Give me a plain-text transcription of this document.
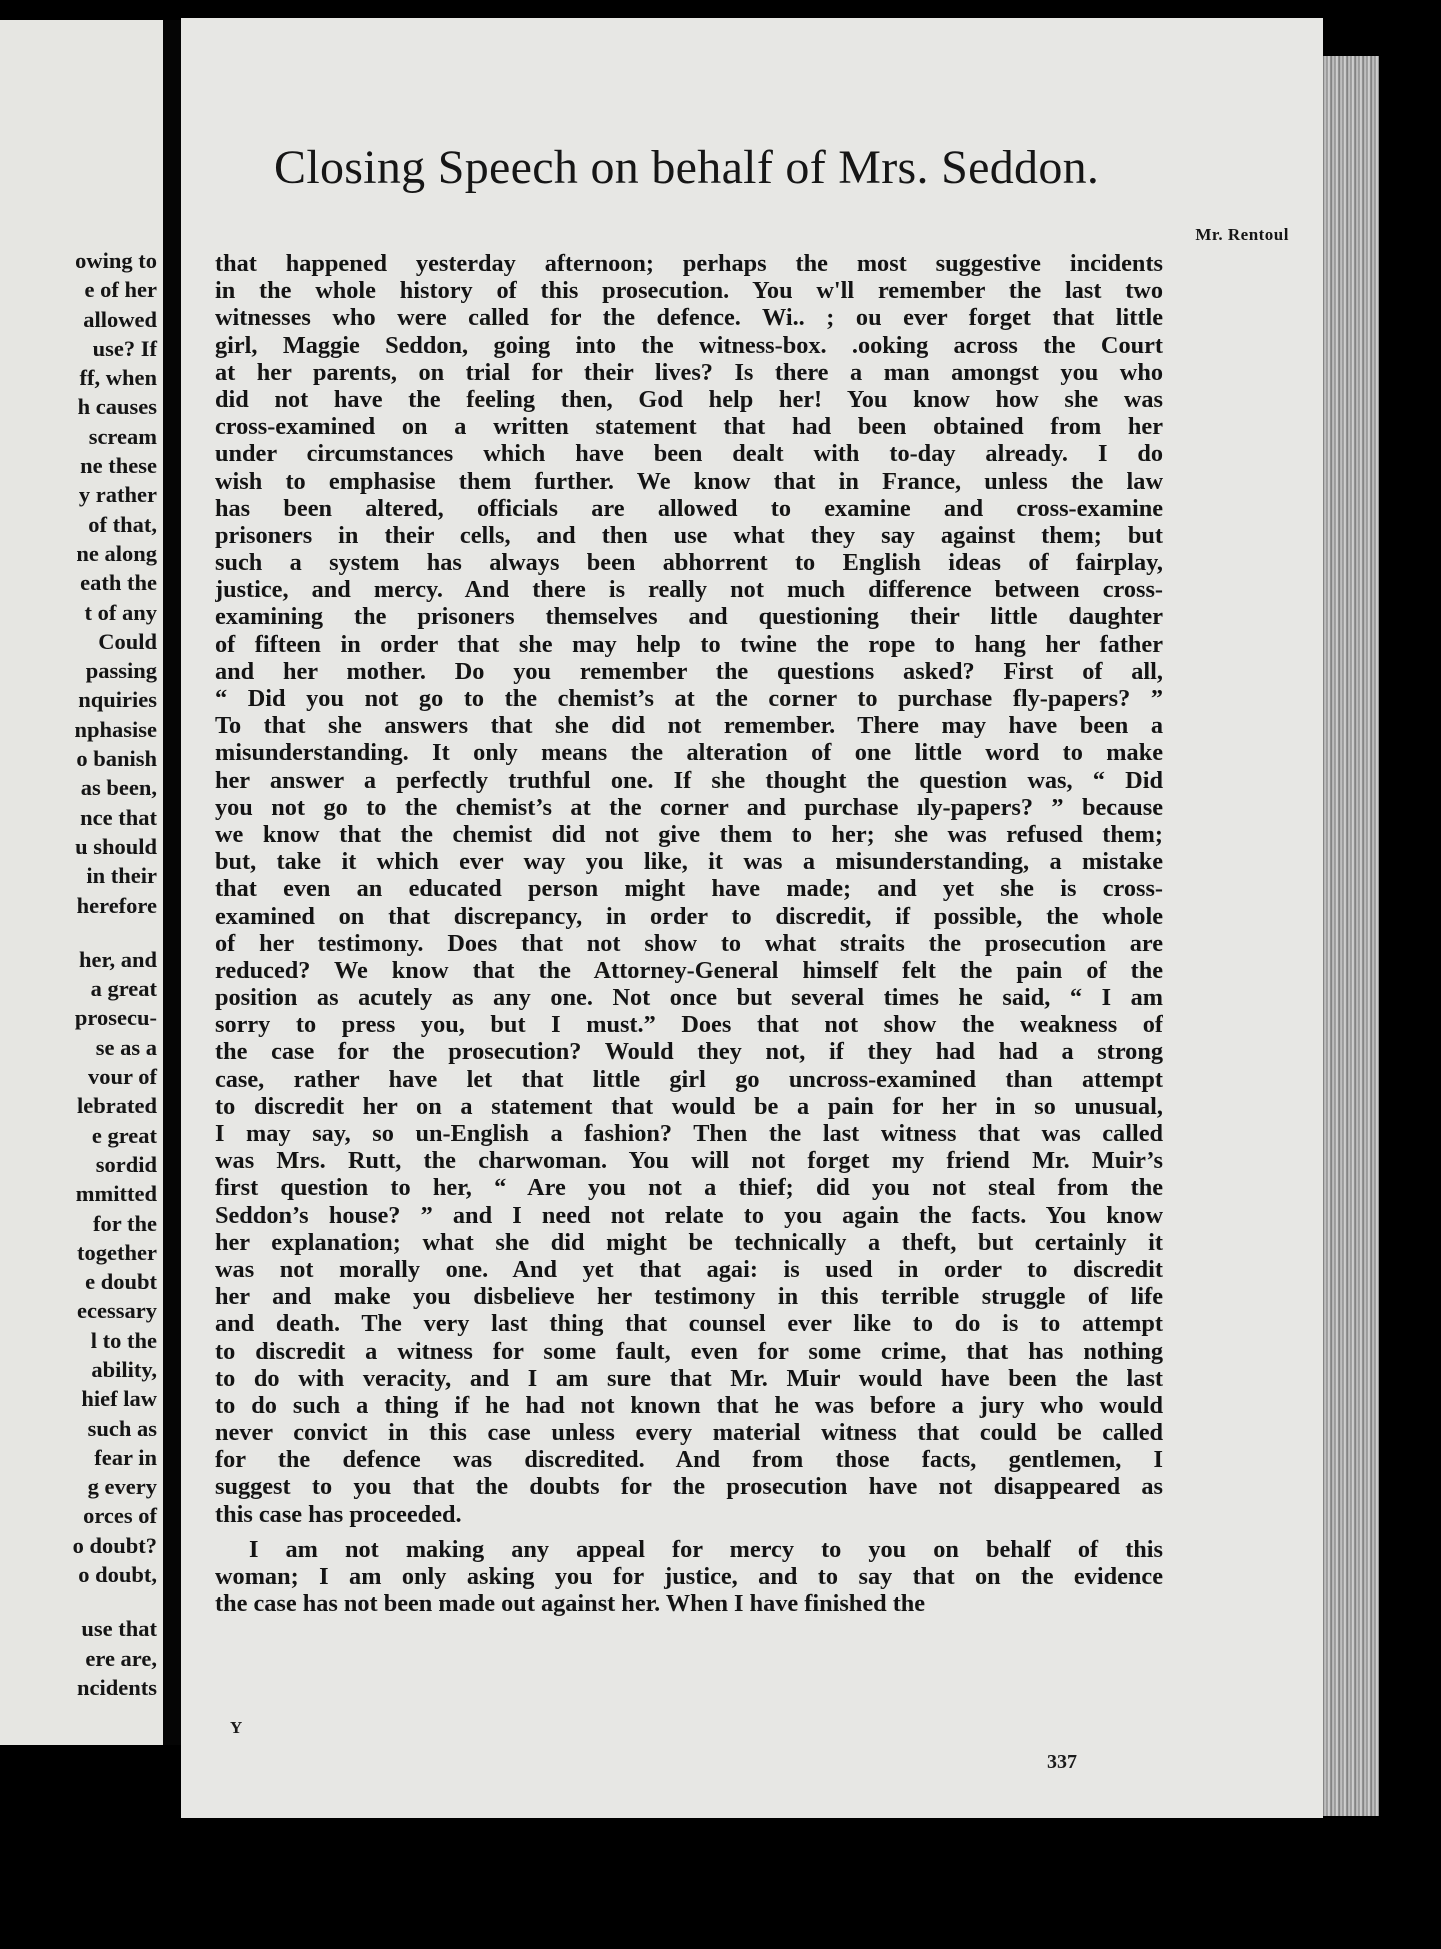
owing to
e of her
allowed
use? If
ff, when
h causes
scream
ne these
y rather
of that,
ne along
eath the
t of any
Could
passing
nquiries
nphasise
o banish
as been,
nce that
u should
in their
herefore
her, and
a great
prosecu-
se as a
vour of
lebrated
e great
sordid
mmitted
for the
together
e doubt
ecessary
l to the
ability,
hief law
such as
fear in
g every
orces of
o doubt?
o doubt,
use that
ere are,
ncidents
Closing Speech on behalf of Mrs. Seddon.
Mr. Rentoul
that happened yesterday afternoon; perhaps the most suggestive incidents
in the whole history of this prosecution. You w'll remember the last two
witnesses who were called for the defence. Wi.. ; ou ever forget that little
girl, Maggie Seddon, going into the witness-box. .ooking across the Court
at her parents, on trial for their lives? Is there a man amongst you who
did not have the feeling then, God help her! You know how she was
cross-examined on a written statement that had been obtained from her
under circumstances which have been dealt with to-day already. I do
wish to emphasise them further. We know that in France, unless the law
has been altered, officials are allowed to examine and cross-examine
prisoners in their cells, and then use what they say against them; but
such a system has always been abhorrent to English ideas of fairplay,
justice, and mercy. And there is really not much difference between cross-
examining the prisoners themselves and questioning their little daughter
of fifteen in order that she may help to twine the rope to hang her father
and her mother. Do you remember the questions asked? First of all,
“ Did you not go to the chemist’s at the corner to purchase fly-papers? ”
To that she answers that she did not remember. There may have been a
misunderstanding. It only means the alteration of one little word to make
her answer a perfectly truthful one. If she thought the question was, “ Did
you not go to the chemist’s at the corner and purchase ıly-papers? ” because
we know that the chemist did not give them to her; she was refused them;
but, take it which ever way you like, it was a misunderstanding, a mistake
that even an educated person might have made; and yet she is cross-
examined on that discrepancy, in order to discredit, if possible, the whole
of her testimony. Does that not show to what straits the prosecution are
reduced? We know that the Attorney-General himself felt the pain of the
position as acutely as any one. Not once but several times he said, “ I am
sorry to press you, but I must.” Does that not show the weakness of
the case for the prosecution? Would they not, if they had had a strong
case, rather have let that little girl go uncross-examined than attempt
to discredit her on a statement that would be a pain for her in so unusual,
I may say, so un-English a fashion? Then the last witness that was called
was Mrs. Rutt, the charwoman. You will not forget my friend Mr. Muir’s
first question to her, “ Are you not a thief; did you not steal from the
Seddon’s house? ” and I need not relate to you again the facts. You know
her explanation; what she did might be technically a theft, but certainly it
was not morally one. And yet that agai: is used in order to discredit
her and make you disbelieve her testimony in this terrible struggle of life
and death. The very last thing that counsel ever like to do is to attempt
to discredit a witness for some fault, even for some crime, that has nothing
to do with veracity, and I am sure that Mr. Muir would have been the last
to do such a thing if he had not known that he was before a jury who would
never convict in this case unless every material witness that could be called
for the defence was discredited. And from those facts, gentlemen, I
suggest to you that the doubts for the prosecution have not disappeared as
this case has proceeded.
I am not making any appeal for mercy to you on behalf of this
woman; I am only asking you for justice, and to say that on the evidence
the case has not been made out against her. When I have finished the
Y
337
